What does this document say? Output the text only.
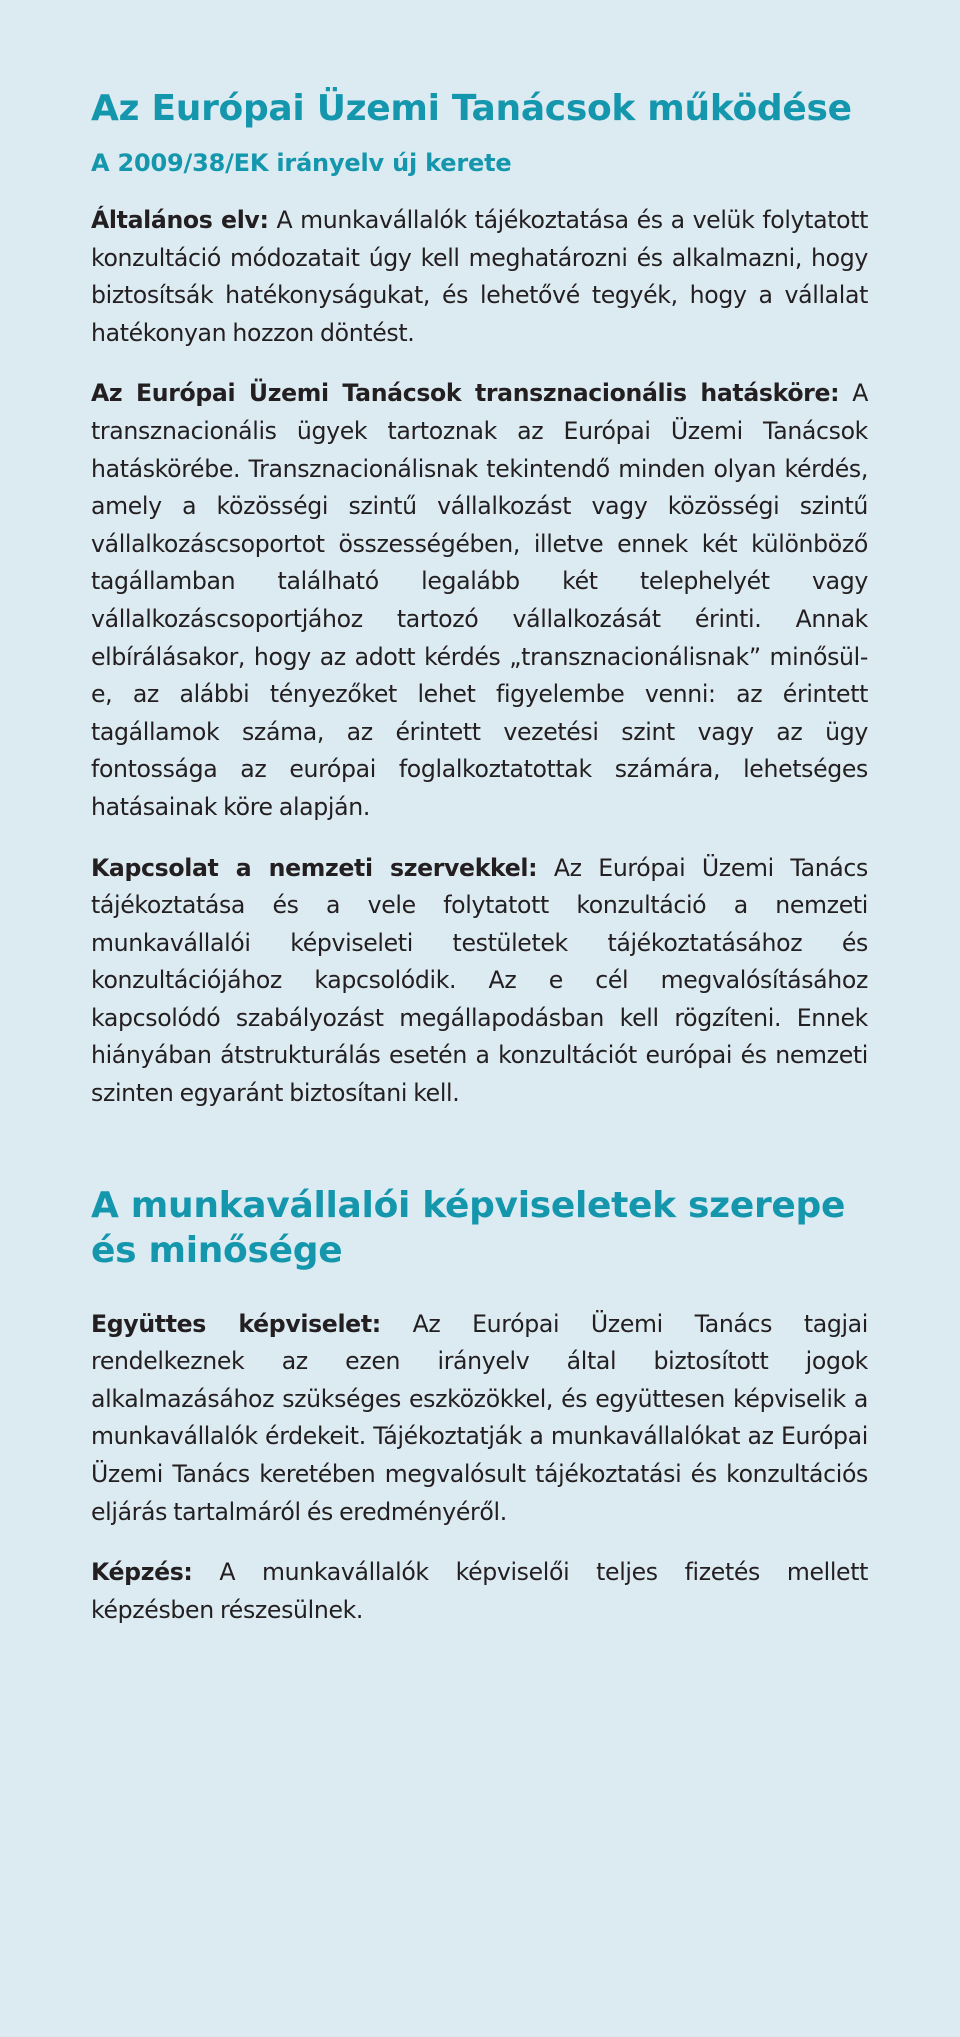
Az Európai Üzemi Tanácsok működése
A 2009/38/EK irányelv új kerete

Általános elv: A munkavállalók tájékoztatása és a velük folytatott konzultáció módozatait úgy kell meghatározni és alkalmazni, hogy biztosítsák hatékonyságukat, és lehetővé tegyék, hogy a vállalat hatékonyan hozzon döntést.

Az Európai Üzemi Tanácsok transznacionális hatásköre: A transznacionális ügyek tartoznak az Európai Üzemi Tanácsok hatáskörébe. Transznacionálisnak tekintendő minden olyan kérdés, amely a közösségi szintű vállalkozást vagy közösségi szintű vállalkozáscsoportot összességében, illetve ennek két különböző tagállamban található legalább két telephelyét vagy vállalkozáscsoportjához tartozó vállalkozását érinti. Annak elbírálásakor, hogy az adott kérdés „transznacionálisnak” minősül-e, az alábbi tényezőket lehet figyelembe venni: az érintett tagállamok száma, az érintett vezetési szint vagy az ügy fontossága az európai foglalkoztatottak számára, lehetséges hatásainak köre alapján.

Kapcsolat a nemzeti szervekkel: Az Európai Üzemi Tanács tájékoztatása és a vele folytatott konzultáció a nemzeti munkavállalói képviseleti testületek tájékoztatásához és konzultációjához kapcsolódik. Az e cél megvalósításához kapcsolódó szabályozást megállapodásban kell rögzíteni. Ennek hiányában átstrukturálás esetén a konzultációt európai és nemzeti szinten egyaránt biztosítani kell.

A munkavállalói képviseletek szerepe
és minősége

Együttes képviselet: Az Európai Üzemi Tanács tagjai rendelkeznek az ezen irányelv által biztosított jogok alkalmazásához szükséges eszközökkel, és együttesen képviselik a munkavállalók érdekeit. Tájékoztatják a munkavállalókat az Európai Üzemi Tanács keretében megvalósult tájékoztatási és konzultációs eljárás tartalmáról és eredményéről.

Képzés: A munkavállalók képviselői teljes fizetés mellett képzésben részesülnek.
